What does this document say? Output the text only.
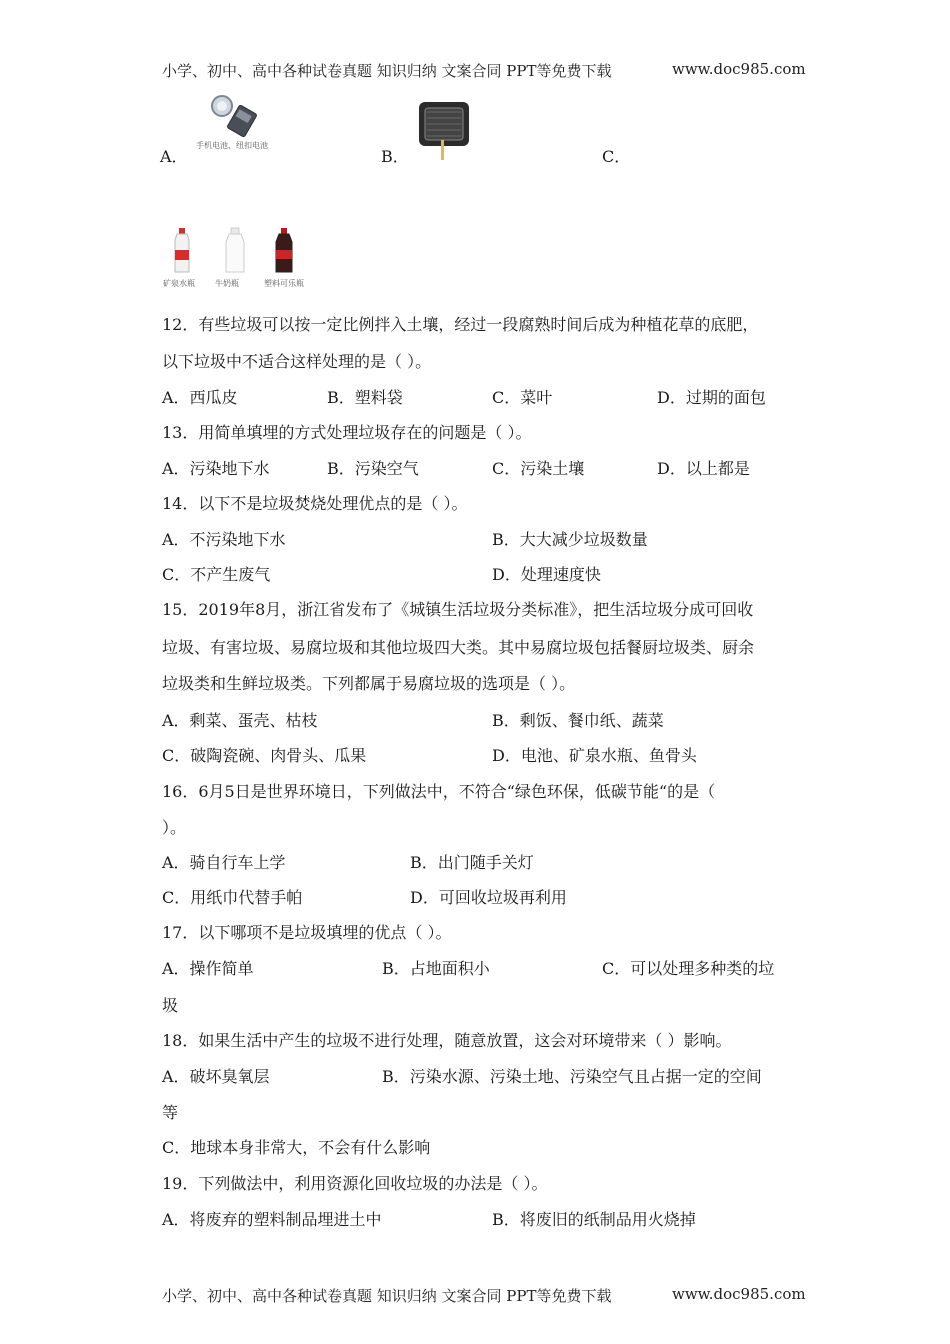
小学、初中、高中各种试卷真题 知识归纳 文案合同 PPT等免费下载	www.doc985.com
A．
手机电池、纽扣电池
B．	C．
矿泉水瓶	牛奶瓶	塑料可乐瓶
12．有些垃圾可以按一定比例拌入土壤，经过一段腐熟时间后成为种植花草的底肥，
以下垃圾中不适合这样处理的是（ ）。
A．西瓜皮	B．塑料袋	C．菜叶	D．过期的面包
13．用简单填埋的方式处理垃圾存在的问题是（ ）。
A．污染地下水	B．污染空气	C．污染土壤	D．以上都是
14．以下不是垃圾焚烧处理优点的是（ ）。
A．不污染地下水	B．大大减少垃圾数量
C．不产生废气	D．处理速度快
15．2019年8月，浙江省发布了《城镇生活垃圾分类标准》，把生活垃圾分成可回收
垃圾、有害垃圾、易腐垃圾和其他垃圾四大类。其中易腐垃圾包括餐厨垃圾类、厨余
垃圾类和生鲜垃圾类。下列都属于易腐垃圾的选项是（ ）。
A．剩菜、蛋壳、枯枝	B．剩饭、餐巾纸、蔬菜
C．破陶瓷碗、肉骨头、瓜果	D．电池、矿泉水瓶、鱼骨头
16．6月5日是世界环境日，下列做法中，不符合“绿色环保，低碳节能“的是（
）。
A．骑自行车上学	B．出门随手关灯
C．用纸巾代替手帕	D．可回收垃圾再利用
17．以下哪项不是垃圾填埋的优点（ ）。
A．操作简单	B．占地面积小	C．可以处理多种类的垃
圾
18．如果生活中产生的垃圾不进行处理，随意放置，这会对环境带来（ ）影响。
A．破坏臭氧层	B．污染水源、污染土地、污染空气且占据一定的空间
等
C．地球本身非常大，不会有什么影响
19．下列做法中，利用资源化回收垃圾的办法是（ ）。
A．将废弃的塑料制品埋进土中	B．将废旧的纸制品用火烧掉
小学、初中、高中各种试卷真题 知识归纳 文案合同 PPT等免费下载	www.doc985.com
